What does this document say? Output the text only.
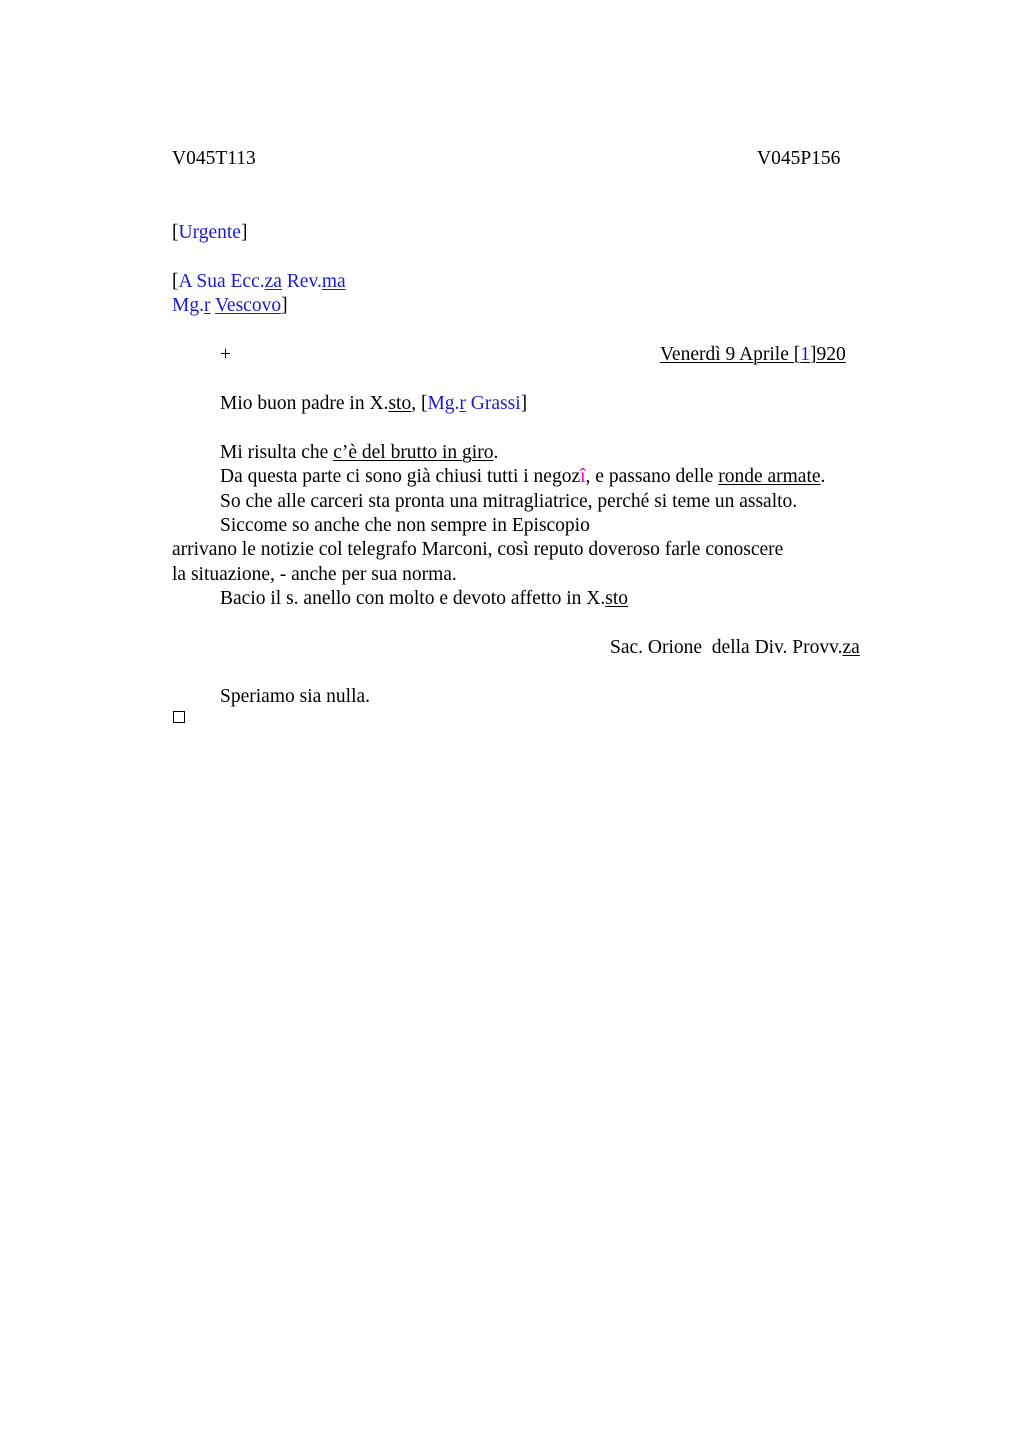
V045T113	V045P156
[Urgente]
[A Sua Ecc.za Rev.ma
Mg.r Vescovo]
+	Venerdì 9 Aprile [1]920
Mio buon padre in X.sto, [Mg.r Grassi]
Mi risulta che c’è del brutto in giro.
Da questa parte ci sono già chiusi tutti i negozî, e passano delle ronde armate.
So che alle carceri sta pronta una mitragliatrice, perché si teme un assalto.
Siccome so anche che non sempre in Episcopio
arrivano le notizie col telegrafo Marconi, così reputo doveroso farle conoscere
la situazione, - anche per sua norma.
Bacio il s. anello con molto e devoto affetto in X.sto
Sac. Orione  della Div. Provv.za
Speriamo sia nulla.
